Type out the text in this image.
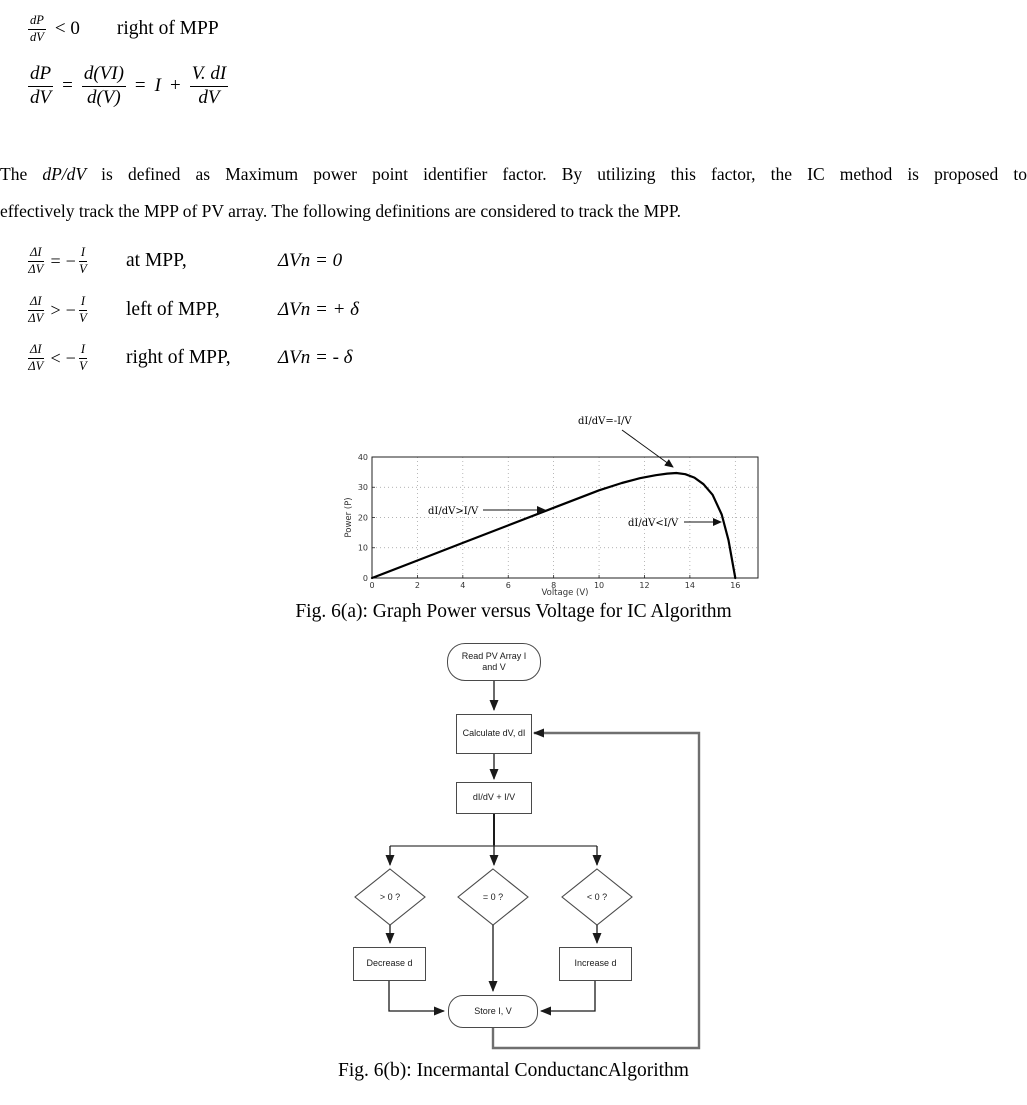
$\frac{dP}{dV} < 0$ right of MPP
$\frac{dP}{dV} = \frac{d(VI)}{d(V)} = I + \frac{V. dI}{dV}$
The dP/dV is defined as Maximum power point identifier factor. By utilizing this factor, the IC method is proposed to
effectively track the MPP of PV array. The following definitions are considered to track the MPP.
$\frac{\Delta I}{\Delta V}$ = − $\frac{I}{V}$ at MPP,	ΔVn = 0
$\frac{\Delta I}{\Delta V}$ > − $\frac{I}{V}$ left of MPP,	ΔVn = + δ
$\frac{\Delta I}{\Delta V}$ < − $\frac{I}{V}$ right of MPP, ΔVn = - δ
0	2	4	6	8	10	12	14	16
0
10
20
30
40
Voltage (V)
Power (P)
dI/dV=-I/V
dI/dV>I/V
dI/dV<I/V
Fig. 6(a): Graph Power versus Voltage for IC Algorithm
Read PV Array I
and V
Calculate dV, dI
dI/dV + I/V
> 0 ?	= 0 ?	< 0 ?
Decrease d	Increase d
Store I, V
Fig. 6(b): Incermantal ConductancAlgorithm
